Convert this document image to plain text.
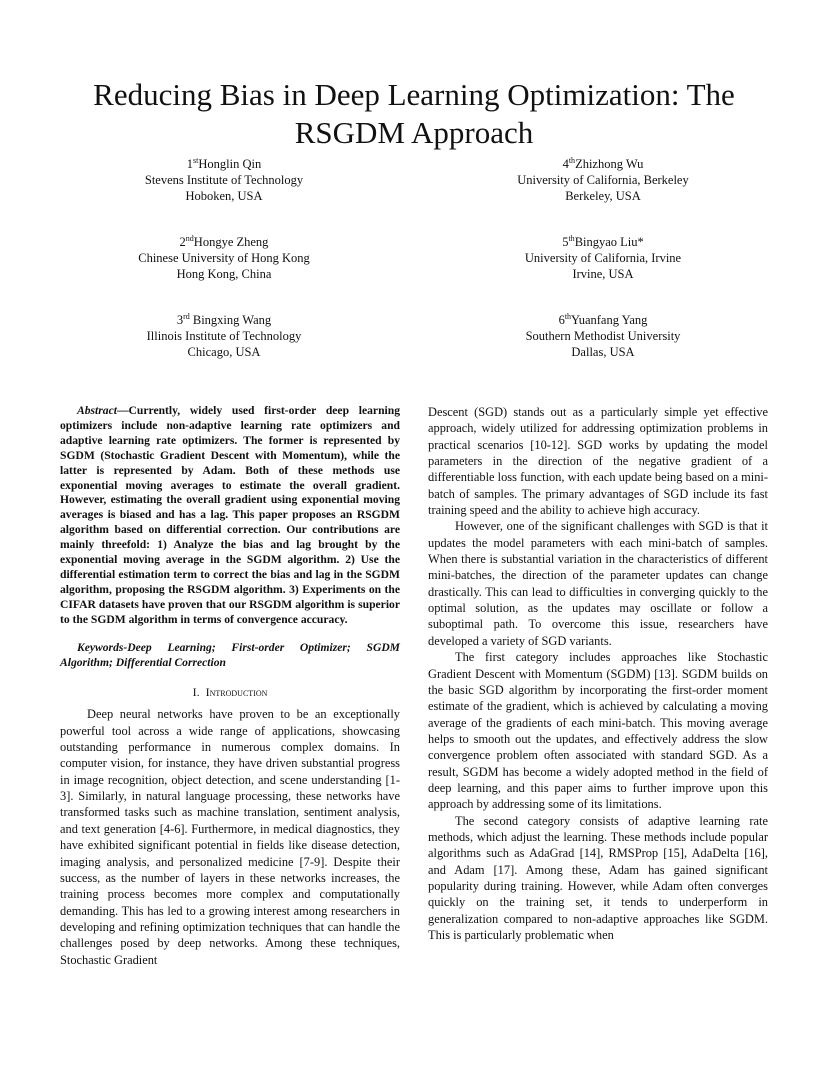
Reducing Bias in Deep Learning Optimization: The RSGDM Approach
1stHonglin Qin
Stevens Institute of Technology
Hoboken, USA
2ndHongye Zheng
Chinese University of Hong Kong
Hong Kong, China
3rd Bingxing Wang
Illinois Institute of Technology
Chicago, USA
4thZhizhong Wu
University of California, Berkeley
Berkeley, USA
5thBingyao Liu*
University of California, Irvine
Irvine, USA
6thYuanfang Yang
Southern Methodist University
Dallas, USA

Abstract—Currently, widely used first-order deep learning optimizers include non-adaptive learning rate optimizers and adaptive learning rate optimizers. The former is represented by SGDM (Stochastic Gradient Descent with Momentum), while the latter is represented by Adam. Both of these methods use exponential moving averages to estimate the overall gradient. However, estimating the overall gradient using exponential moving averages is biased and has a lag. This paper proposes an RSGDM algorithm based on differential correction. Our contributions are mainly threefold: 1) Analyze the bias and lag brought by the exponential moving average in the SGDM algorithm. 2) Use the differential estimation term to correct the bias and lag in the SGDM algorithm, proposing the RSGDM algorithm. 3) Experiments on the CIFAR datasets have proven that our RSGDM algorithm is superior to the SGDM algorithm in terms of convergence accuracy.

Keywords-Deep Learning; First-order Optimizer; SGDM Algorithm; Differential Correction

I. Introduction

Deep neural networks have proven to be an exceptionally powerful tool across a wide range of applications, showcasing outstanding performance in numerous complex domains. In computer vision, for instance, they have driven substantial progress in image recognition, object detection, and scene understanding [1-3]. Similarly, in natural language processing, these networks have transformed tasks such as machine translation, sentiment analysis, and text generation [4-6]. Furthermore, in medical diagnostics, they have exhibited significant potential in fields like disease detection, imaging analysis, and personalized medicine [7-9]. Despite their success, as the number of layers in these networks increases, the training process becomes more complex and computationally demanding. This has led to a growing interest among researchers in developing and refining optimization techniques that can handle the challenges posed by deep networks. Among these techniques, Stochastic Gradient

Descent (SGD) stands out as a particularly simple yet effective approach, widely utilized for addressing optimization problems in practical scenarios [10-12]. SGD works by updating the model parameters in the direction of the negative gradient of a differentiable loss function, with each update being based on a mini-batch of samples. The primary advantages of SGD include its fast training speed and the ability to achieve high accuracy.

However, one of the significant challenges with SGD is that it updates the model parameters with each mini-batch of samples. When there is substantial variation in the characteristics of different mini-batches, the direction of the parameter updates can change drastically. This can lead to difficulties in converging quickly to the optimal solution, as the updates may oscillate or follow a suboptimal path. To overcome this issue, researchers have developed a variety of SGD variants.

The first category includes approaches like Stochastic Gradient Descent with Momentum (SGDM) [13]. SGDM builds on the basic SGD algorithm by incorporating the first-order moment estimate of the gradient, which is achieved by calculating a moving average of the gradients of each mini-batch. This moving average helps to smooth out the updates, and effectively address the slow convergence problem often associated with standard SGD. As a result, SGDM has become a widely adopted method in the field of deep learning, and this paper aims to further improve upon this approach by addressing some of its limitations.

The second category consists of adaptive learning rate methods, which adjust the learning. These methods include popular algorithms such as AdaGrad [14], RMSProp [15], AdaDelta [16], and Adam [17]. Among these, Adam has gained significant popularity during training. However, while Adam often converges quickly on the training set, it tends to underperform in generalization compared to non-adaptive approaches like SGDM. This is particularly problematic when
